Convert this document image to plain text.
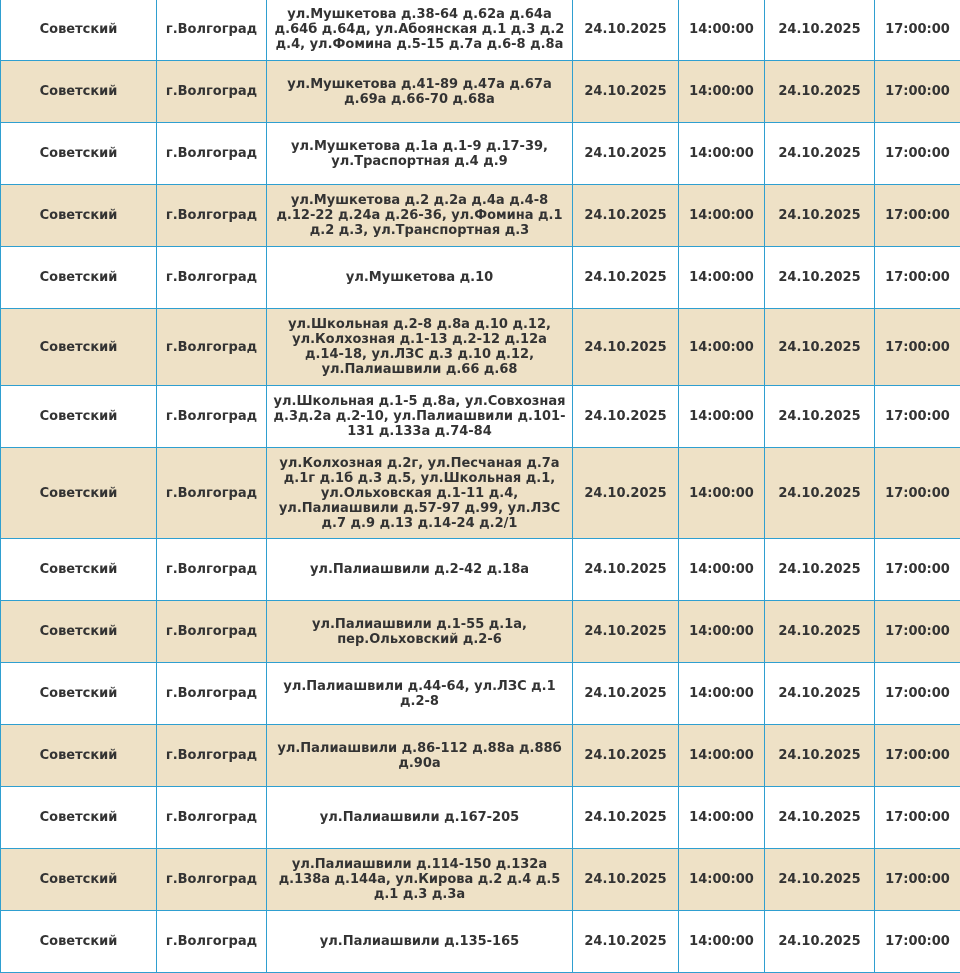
Советский	г.Волгоград	ул.Мушкетова д.38-64 д.62а д.64а д.64б д.64д, ул.Абоянская д.1 д.3 д.2 д.4, ул.Фомина д.5-15 д.7а д.6-8 д.8а	24.10.2025	14:00:00	24.10.2025	17:00:00
Советский	г.Волгоград	ул.Мушкетова д.41-89 д.47а д.67а д.69а д.66-70 д.68а	24.10.2025	14:00:00	24.10.2025	17:00:00
Советский	г.Волгоград	ул.Мушкетова д.1а д.1-9 д.17-39, ул.Траспортная д.4 д.9	24.10.2025	14:00:00	24.10.2025	17:00:00
Советский	г.Волгоград	ул.Мушкетова д.2 д.2а д.4а д.4-8 д.12-22 д.24а д.26-36, ул.Фомина д.1 д.2 д.3, ул.Транспортная д.3	24.10.2025	14:00:00	24.10.2025	17:00:00
Советский	г.Волгоград	ул.Мушкетова д.10	24.10.2025	14:00:00	24.10.2025	17:00:00
Советский	г.Волгоград	ул.Школьная д.2-8 д.8а д.10 д.12, ул.Колхозная д.1-13 д.2-12 д.12а д.14-18, ул.ЛЗС д.3 д.10 д.12, ул.Палиашвили д.66 д.68	24.10.2025	14:00:00	24.10.2025	17:00:00
Советский	г.Волгоград	ул.Школьная д.1-5 д.8а, ул.Совхозная д.3д.2а д.2-10, ул.Палиашвили д.101-131 д.133а д.74-84	24.10.2025	14:00:00	24.10.2025	17:00:00
Советский	г.Волгоград	ул.Колхозная д.2г, ул.Песчаная д.7а д.1г д.1б д.3 д.5, ул.Школьная д.1, ул.Ольховская д.1-11 д.4, ул.Палиашвили д.57-97 д.99, ул.ЛЗС д.7 д.9 д.13 д.14-24 д.2/1	24.10.2025	14:00:00	24.10.2025	17:00:00
Советский	г.Волгоград	ул.Палиашвили д.2-42 д.18а	24.10.2025	14:00:00	24.10.2025	17:00:00
Советский	г.Волгоград	ул.Палиашвили д.1-55 д.1а, пер.Ольховский д.2-6	24.10.2025	14:00:00	24.10.2025	17:00:00
Советский	г.Волгоград	ул.Палиашвили д.44-64, ул.ЛЗС д.1 д.2-8	24.10.2025	14:00:00	24.10.2025	17:00:00
Советский	г.Волгоград	ул.Палиашвили д.86-112 д.88а д.88б д.90а	24.10.2025	14:00:00	24.10.2025	17:00:00
Советский	г.Волгоград	ул.Палиашвили д.167-205	24.10.2025	14:00:00	24.10.2025	17:00:00
Советский	г.Волгоград	ул.Палиашвили д.114-150 д.132а д.138а д.144а, ул.Кирова д.2 д.4 д.5 д.1 д.3 д.3а	24.10.2025	14:00:00	24.10.2025	17:00:00
Советский	г.Волгоград	ул.Палиашвили д.135-165	24.10.2025	14:00:00	24.10.2025	17:00:00
